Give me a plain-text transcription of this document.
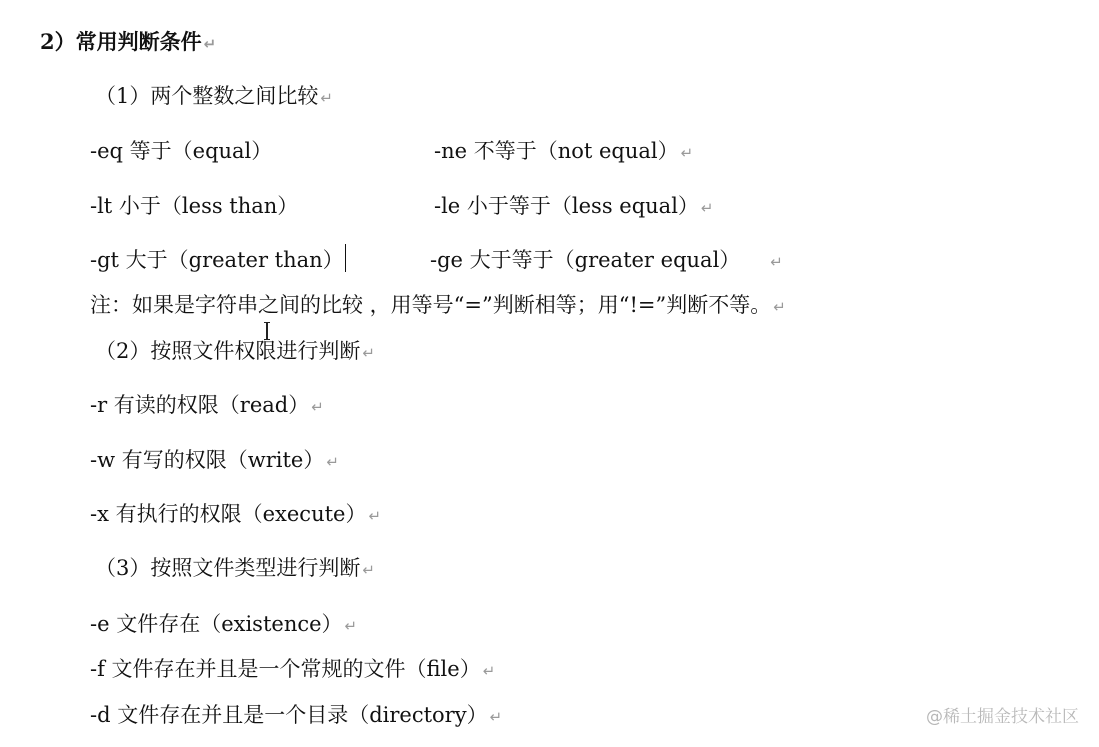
2）常用判断条件 ↵
（1）两个整数之间比较 ↵
-eq 等于（equal）	-ne 不等于（not equal） ↵
-lt 小于（less than）	-le 小于等于（less equal） ↵
-gt 大于（greater than）	-ge 大于等于（greater equal） ↵
注：如果是字符串之间的比较 ，用等号“=”判断相等；用“!=”判断不等。 ↵
（2）按照文件权限进行判断 ↵
-r 有读的权限（read） ↵
-w 有写的权限（write） ↵
-x 有执行的权限（execute） ↵
（3）按照文件类型进行判断 ↵
-e 文件存在（existence） ↵
-f 文件存在并且是一个常规的文件（file） ↵
-d 文件存在并且是一个目录（directory） ↵	@稀土掘金技术社区
